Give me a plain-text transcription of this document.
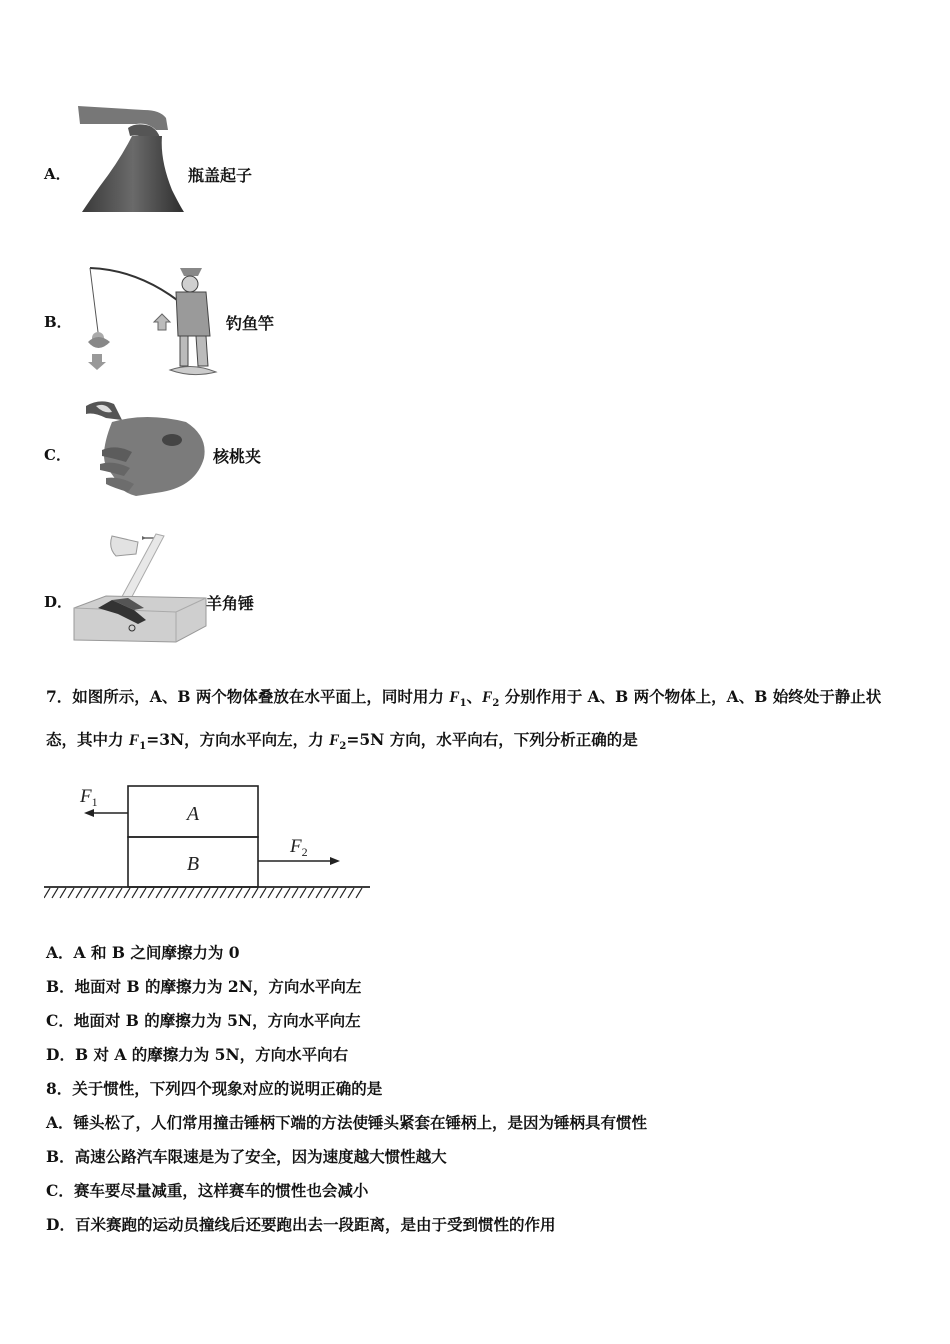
A．	瓶盖起子
B．	钓鱼竿
C．	核桃夹
D．	羊角锤
7．如图所示，A、B 两个物体叠放在水平面上，同时用力 $F_1$、$F_2$ 分别作用于 A、B 两个物体上，A、B 始终处于静止状
态，其中力 $F_1=3N$，方向水平向左，力 $F_2=5N$ 方向，水平向右，下列分析正确的是
A
B
$F_1$
$F_2$
A．A 和 B 之间摩擦力为 0
B．地面对 B 的摩擦力为 2N，方向水平向左
C．地面对 B 的摩擦力为 5N，方向水平向左
D．B 对 A 的摩擦力为 5N，方向水平向右
8．关于惯性，下列四个现象对应的说明正确的是
A．锤头松了，人们常用撞击锤柄下端的方法使锤头紧套在锤柄上，是因为锤柄具有惯性
B．高速公路汽车限速是为了安全，因为速度越大惯性越大
C．赛车要尽量减重，这样赛车的惯性也会减小
D．百米赛跑的运动员撞线后还要跑出去一段距离，是由于受到惯性的作用
